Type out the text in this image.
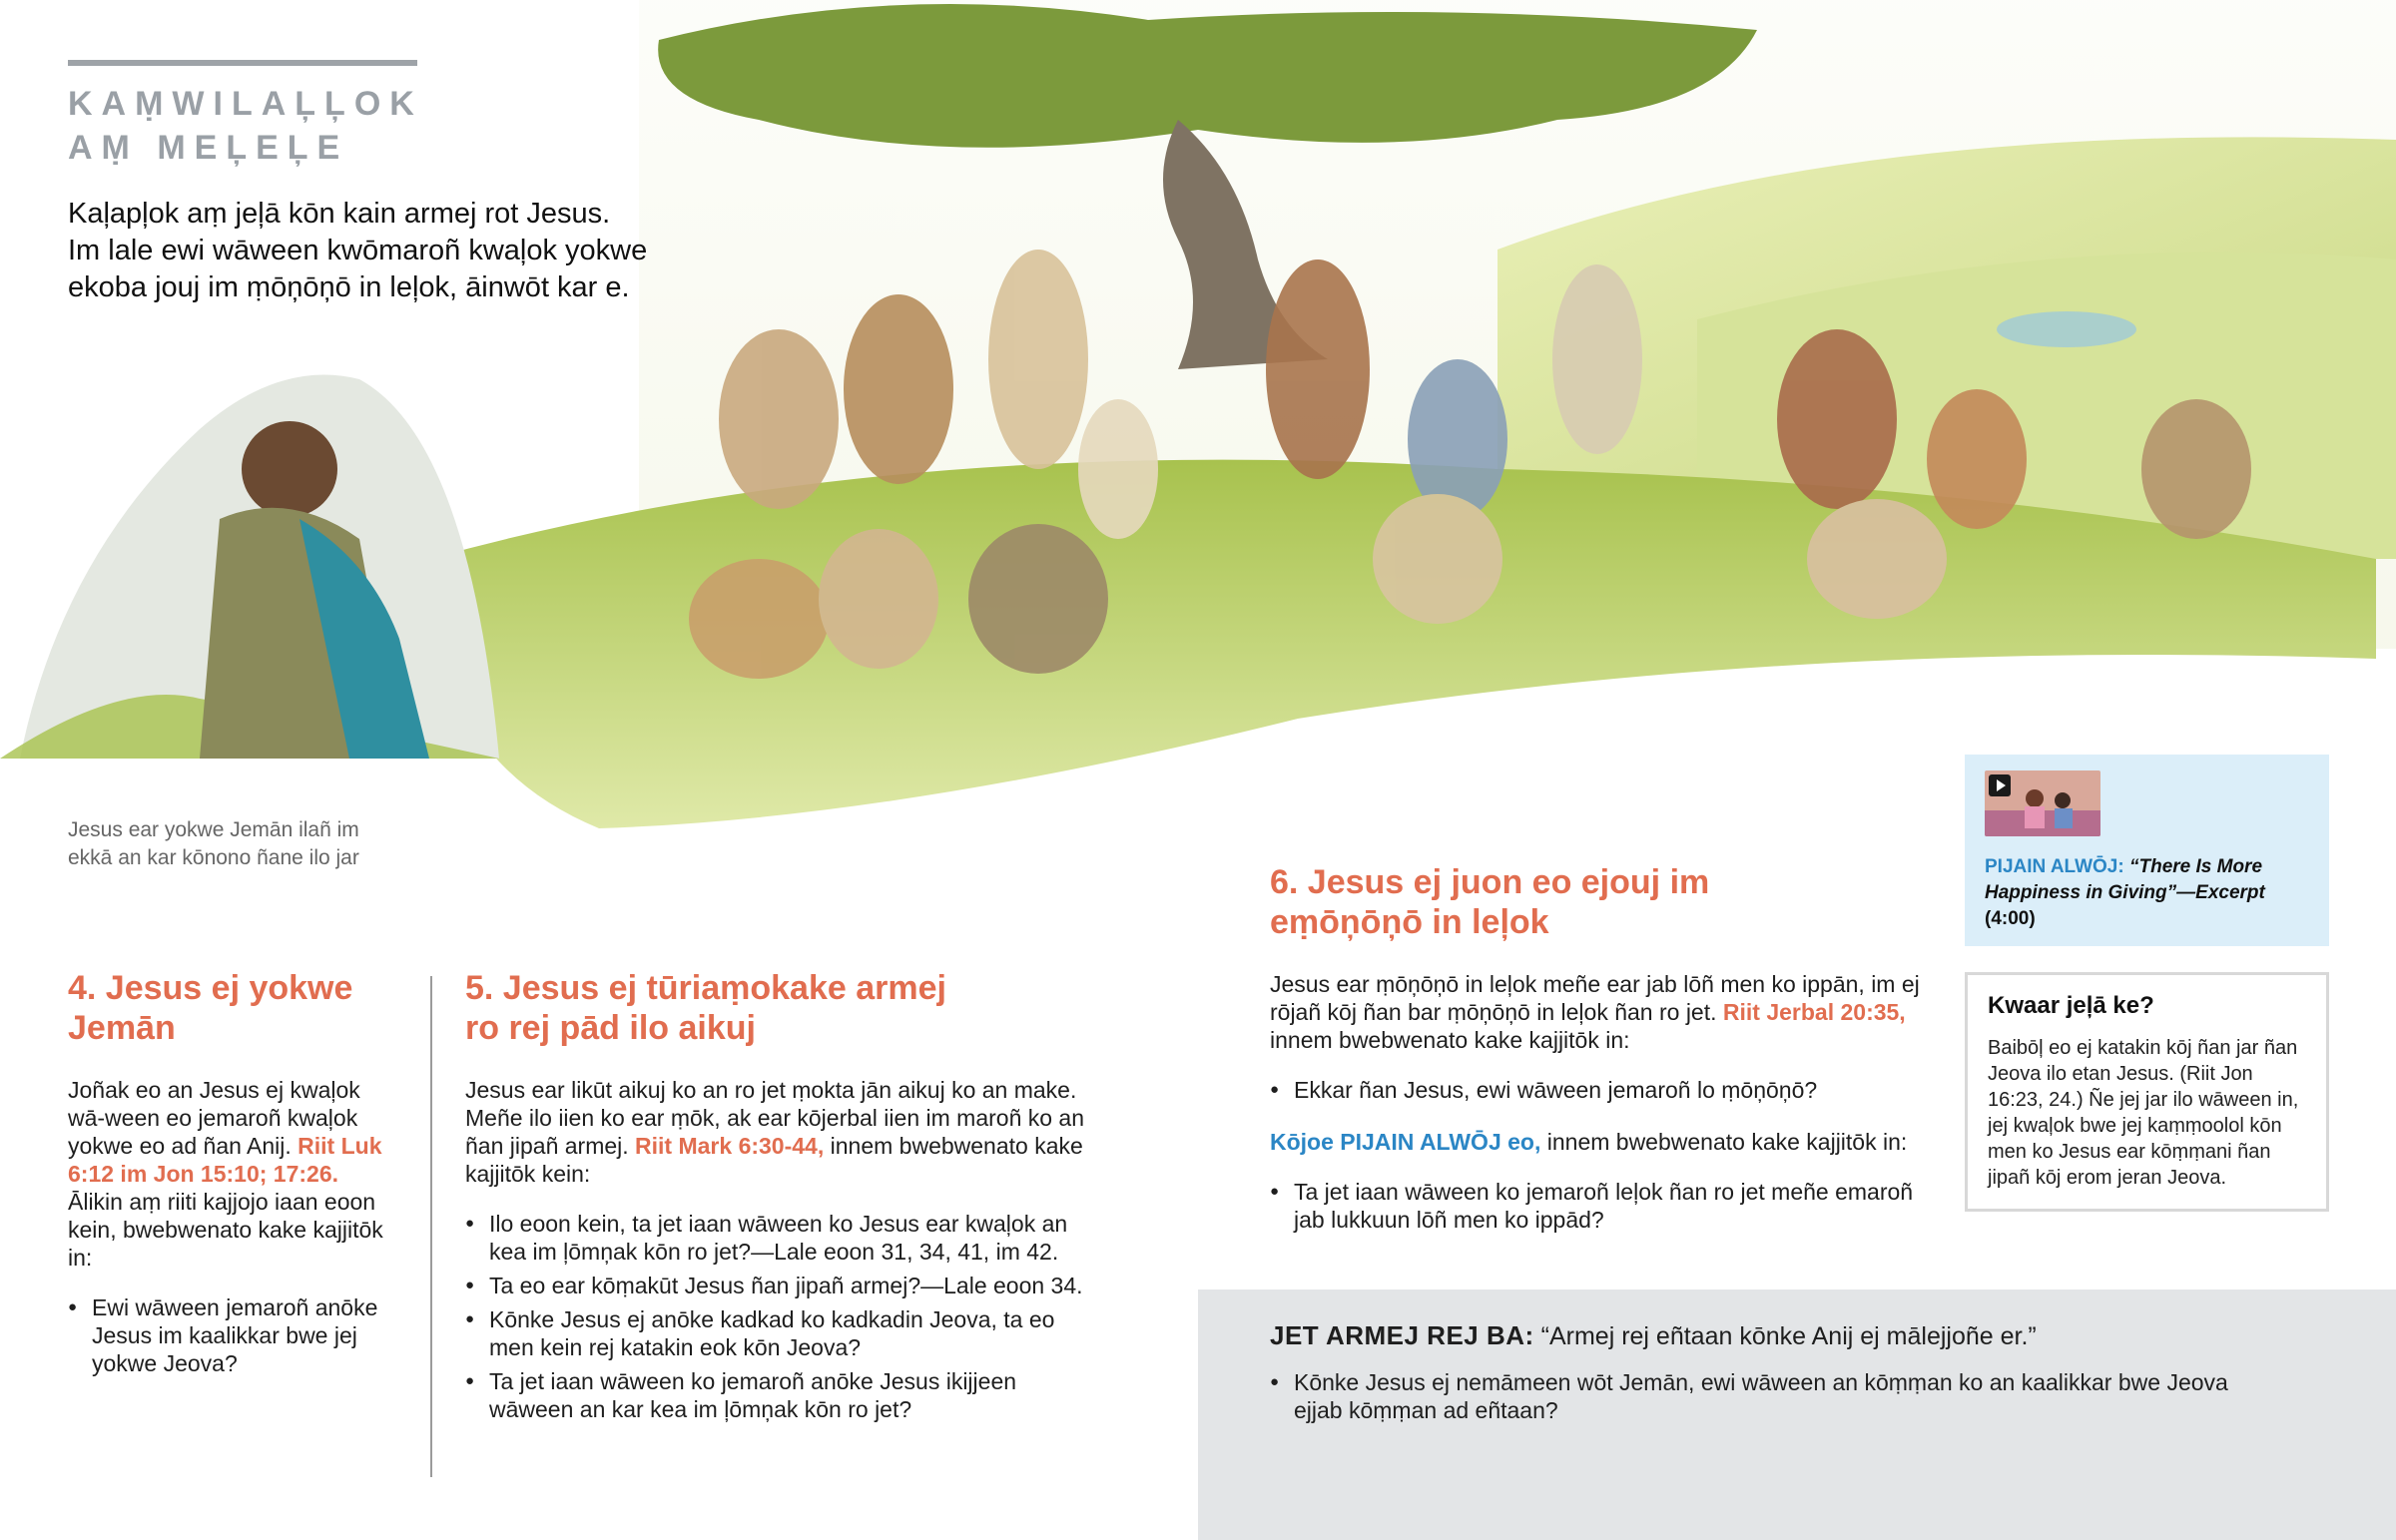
KAṂWILAĻĻOK
AṂ MEĻEĻE
Kaļapļok aṃ jeļā kōn kain armej rot Jesus.
Im lale ewi wāween kwōmaroñ kwaļok yokwe
ekoba jouj im ṃōņōņō in leļok, āinwōt kar e.
Jesus ear yokwe Jemān ilañ im
ekkā an kar kōnono ñane ilo jar
4. Jesus ej yokwe
Jemān

Joñak eo an Jesus ej kwaļok wā-ween eo jemaroñ kwaļok yokwe eo ad ñan Anij. Riit Luk 6:12 im Jon 15:10; 17:26. Ālikin aṃ riiti kajjojo iaan eoon kein, bwebwenato kake kajjitōk in:

● Ewi wāween jemaroñ anōke Jesus im kaalikkar bwe jej yokwe Jeova?
5. Jesus ej tūriaṃokake armej
ro rej pād ilo aikuj

Jesus ear likūt aikuj ko an ro jet ṃokta jān aikuj ko an make. Meñe ilo iien ko ear ṃōk, ak ear kōjerbal iien im maroñ ko an ñan jipañ armej. Riit Mark 6:30-44, innem bwebwenato kake kajjitōk kein:

● Ilo eoon kein, ta jet iaan wāween ko Jesus ear kwaļok an kea im ļōmņak kōn ro jet?—Lale eoon 31, 34, 41, im 42.
● Ta eo ear kōṃakūt Jesus ñan jipañ armej?—Lale eoon 34.
● Kōnke Jesus ej anōke kadkad ko kadkadin Jeova, ta eo men kein rej katakin eok kōn Jeova?
● Ta jet iaan wāween ko jemaroñ anōke Jesus ikijjeen wāween an kar kea im ļōmņak kōn ro jet?
6. Jesus ej juon eo ejouj im
eṃōņōņō in leļok

Jesus ear ṃōņōņō in leļok meñe ear jab lōñ men ko ippān, im ej rōjañ kōj ñan bar ṃōņōņō in leļok ñan ro jet. Riit Jerbal 20:35, innem bwebwenato kake kajjitōk in:

● Ekkar ñan Jesus, ewi wāween jemaroñ lo ṃōņōņō?

Kōjoe PIJAIN ALWŌJ eo, innem bwebwenato kake kajjitōk in:

● Ta jet iaan wāween ko jemaroñ leļok ñan ro jet meñe emaroñ jab lukkuun lōñ men ko ippād?
PIJAIN ALWŌJ: “There Is More Happiness in Giving”—Excerpt (4:00)
Kwaar jeļā ke?

Baibōļ eo ej katakin kōj ñan jar ñan Jeova ilo etan Jesus. (Riit Jon 16:23, 24.) Ñe jej jar ilo wāween in, jej kwaļok bwe jej kaṃṃoolol kōn men ko Jesus ear kōṃṃani ñan jipañ kōj erom jeran Jeova.

JET ARMEJ REJ BA: “Armej rej eñtaan kōnke Anij ej mālejjoñe er.”

● Kōnke Jesus ej nemāmeen wōt Jemān, ewi wāween an kōṃṃan ko an kaalikkar bwe Jeova ejjab kōṃṃan ad eñtaan?
